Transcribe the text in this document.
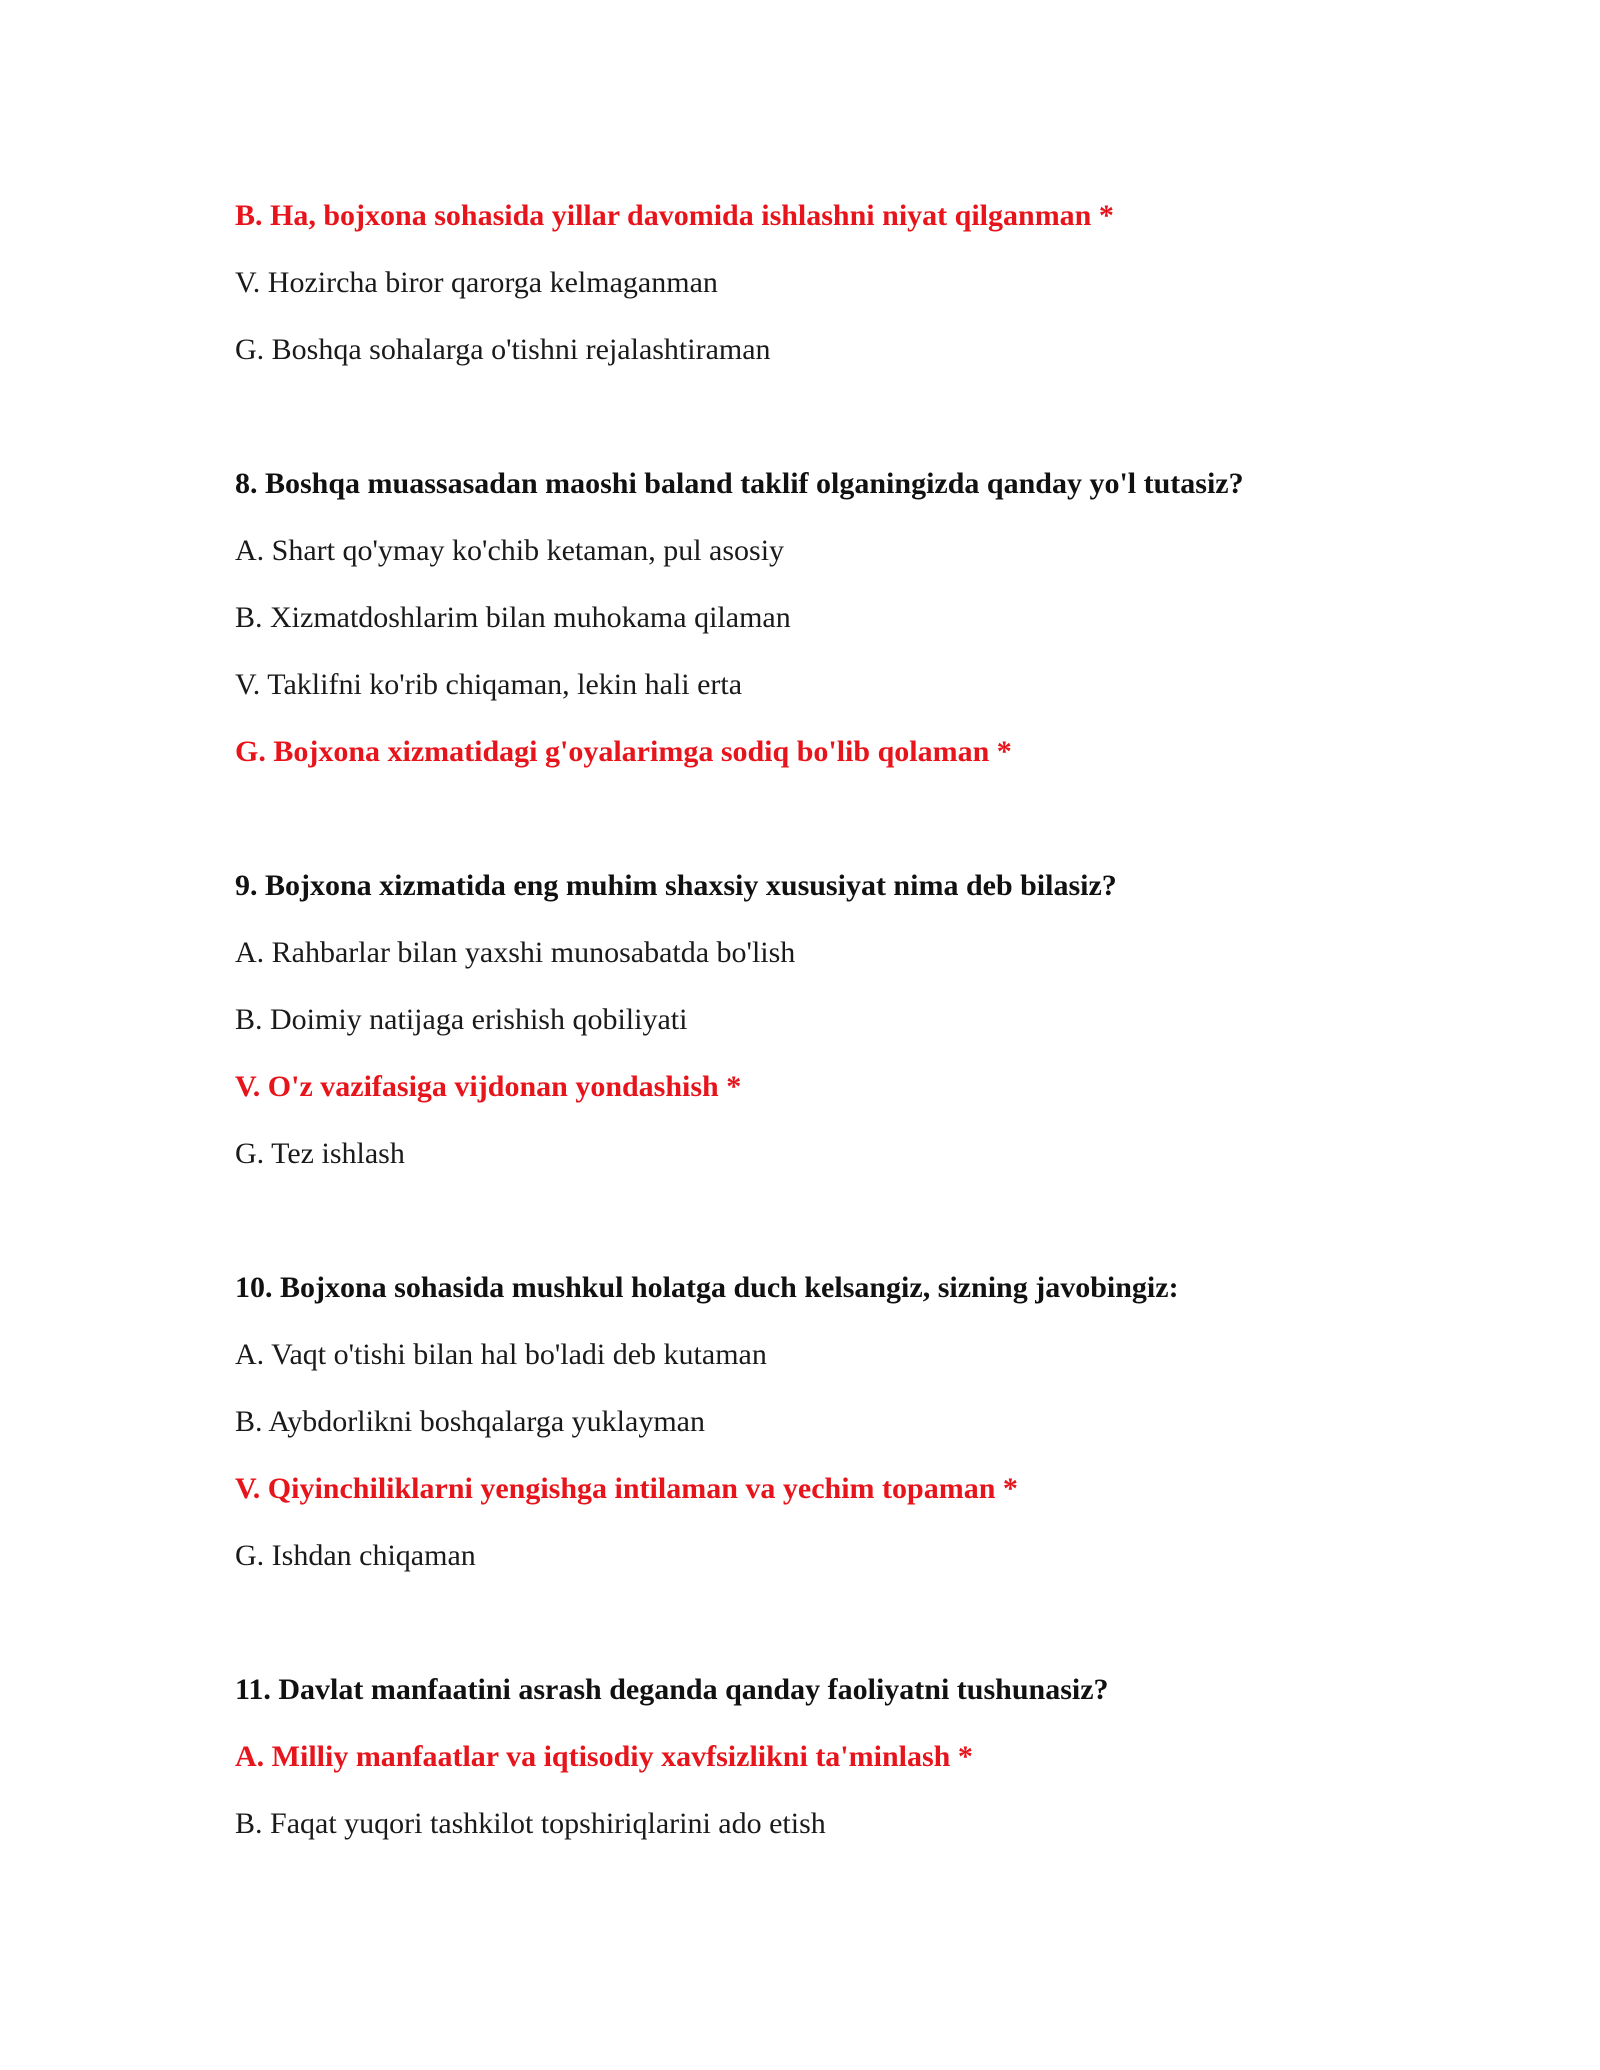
B. Ha, bojxona sohasida yillar davomida ishlashni niyat qilganman *
V. Hozircha biror qarorga kelmaganman
G. Boshqa sohalarga o'tishni rejalashtiraman
8. Boshqa muassasadan maoshi baland taklif olganingizda qanday yo'l tutasiz?
A. Shart qo'ymay ko'chib ketaman, pul asosiy
B. Xizmatdoshlarim bilan muhokama qilaman
V. Taklifni ko'rib chiqaman, lekin hali erta
G. Bojxona xizmatidagi g'oyalarimga sodiq bo'lib qolaman *
9. Bojxona xizmatida eng muhim shaxsiy xususiyat nima deb bilasiz?
A. Rahbarlar bilan yaxshi munosabatda bo'lish
B. Doimiy natijaga erishish qobiliyati
V. O'z vazifasiga vijdonan yondashish *
G. Tez ishlash
10. Bojxona sohasida mushkul holatga duch kelsangiz, sizning javobingiz:
A. Vaqt o'tishi bilan hal bo'ladi deb kutaman
B. Aybdorlikni boshqalarga yuklayman
V. Qiyinchiliklarni yengishga intilaman va yechim topaman *
G. Ishdan chiqaman
11. Davlat manfaatini asrash deganda qanday faoliyatni tushunasiz?
A. Milliy manfaatlar va iqtisodiy xavfsizlikni ta'minlash *
B. Faqat yuqori tashkilot topshiriqlarini ado etish
